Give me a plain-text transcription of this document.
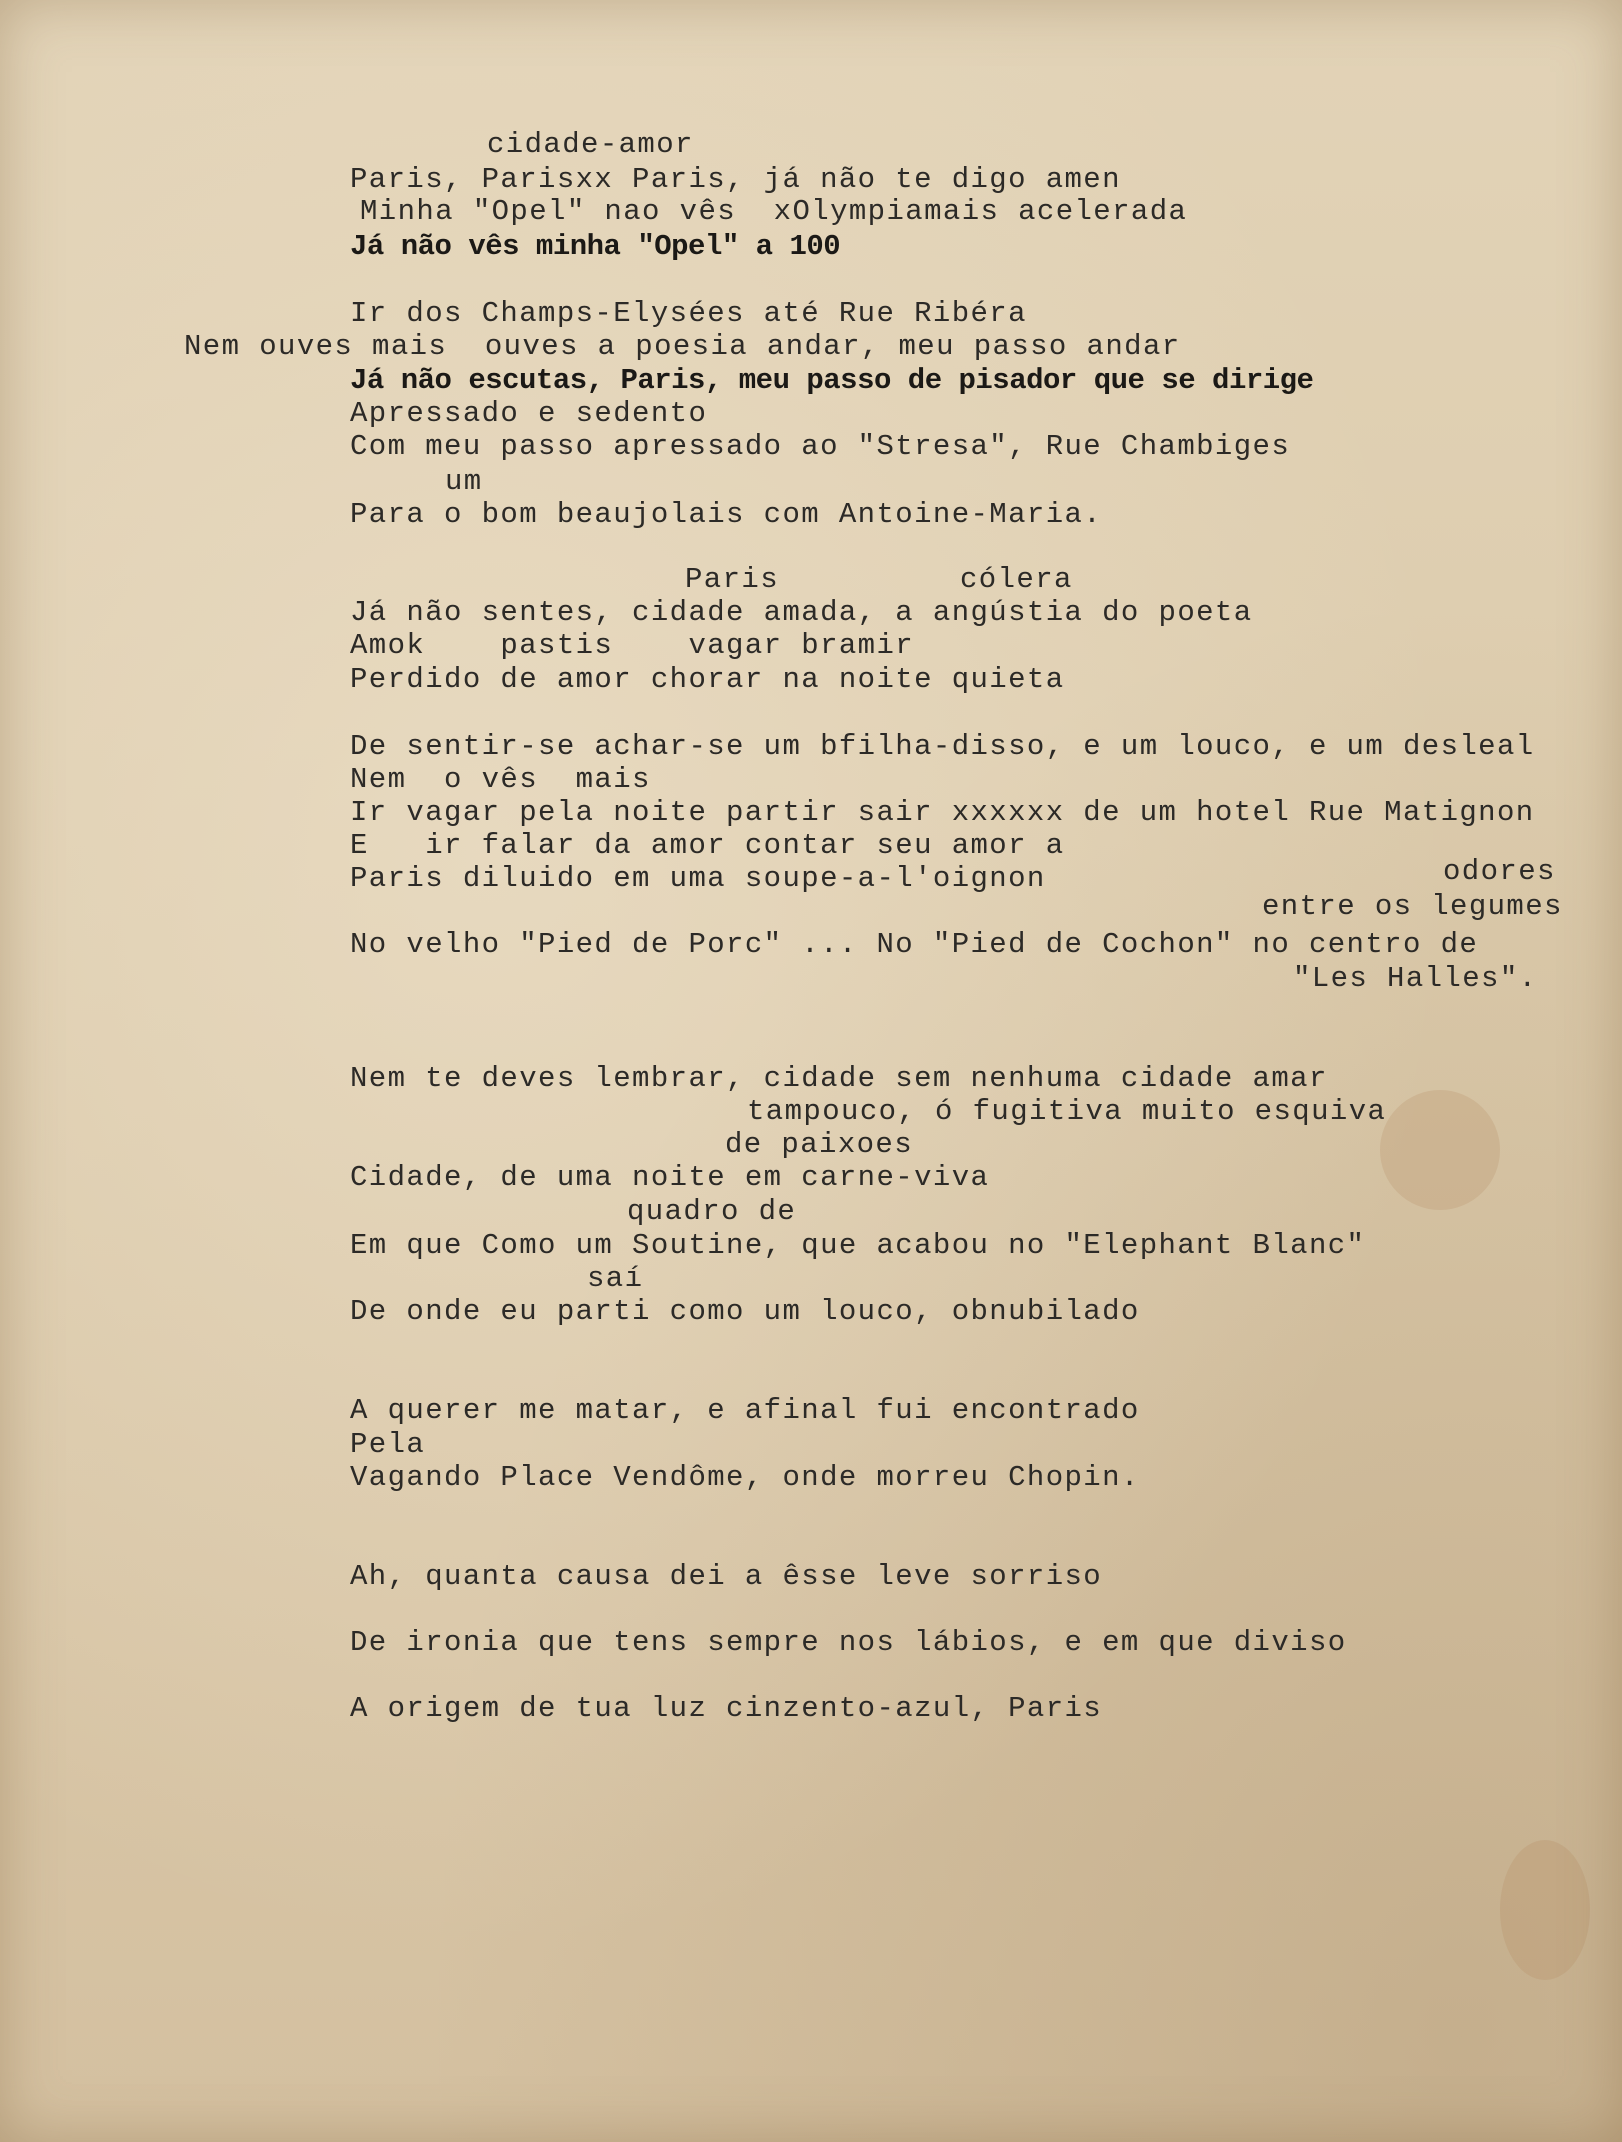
cidade-amor
Paris, Parisxx Paris, já não te digo amen
Minha "Opel" nao vês  xOlympiamais acelerada
Já não vês minha "Opel" a 100
Ir dos Champs-Elysées até Rue Ribéra
Nem ouves mais  ouves a poesia andar, meu passo andar
Já não escutas, Paris, meu passo de pisador que se dirige
Apressado e sedento
Com meu passo apressado ao "Stresa", Rue Chambiges
um
Para o bom beaujolais com Antoine-Maria.
Paris	cólera
Já não sentes, cidade amada, a angústia do poeta
Amok    pastis    vagar bramir
Perdido de amor chorar na noite quieta
De sentir-se achar-se um bfilha-disso, e um louco, e um desleal
Nem  o vês  mais
Ir vagar pela noite partir sair xxxxxx de um hotel Rue Matignon
E   ir falar da amor contar seu amor a
Paris diluido em uma soupe-a-l'oignon	odores
entre os legumes
No velho "Pied de Porc" ... No "Pied de Cochon" no centro de
"Les Halles".
Nem te deves lembrar, cidade sem nenhuma cidade amar
tampouco, ó fugitiva muito esquiva
de paixoes
Cidade, de uma noite em carne-viva
quadro de
Em que Como um Soutine, que acabou no "Elephant Blanc"
saí
De onde eu parti como um louco, obnubilado
A querer me matar, e afinal fui encontrado
Pela
Vagando Place Vendôme, onde morreu Chopin.
Ah, quanta causa dei a êsse leve sorriso
De ironia que tens sempre nos lábios, e em que diviso
A origem de tua luz cinzento-azul, Paris
